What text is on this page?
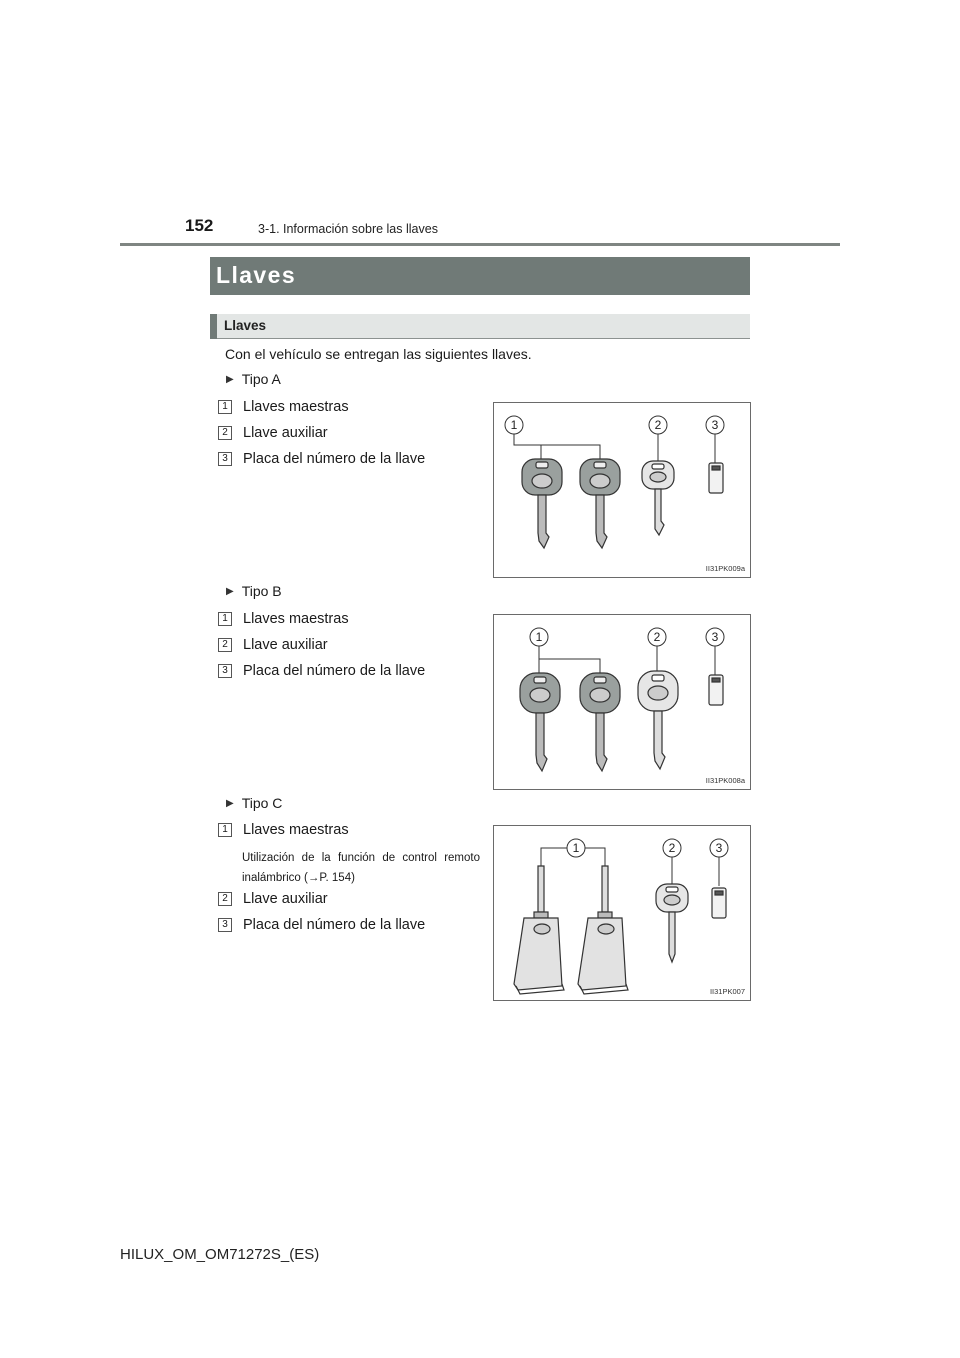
152	3-1. Información sobre las llaves
Llaves
Llaves
Con el vehículo se entregan las siguientes llaves.
▶ Tipo A
1 Llaves maestras
2 Llave auxiliar
3 Placa del número de la llave
1	2	3
II31PK009a
▶ Tipo B
1 Llaves maestras
2 Llave auxiliar
3 Placa del número de la llave
1	2	3
II31PK008a
▶ Tipo C
1 Llaves maestras
Utilización de la función de control remoto inalámbrico (→P. 154)
2 Llave auxiliar
3 Placa del número de la llave
1	2	3
II31PK007
HILUX_OM_OM71272S_(ES)
